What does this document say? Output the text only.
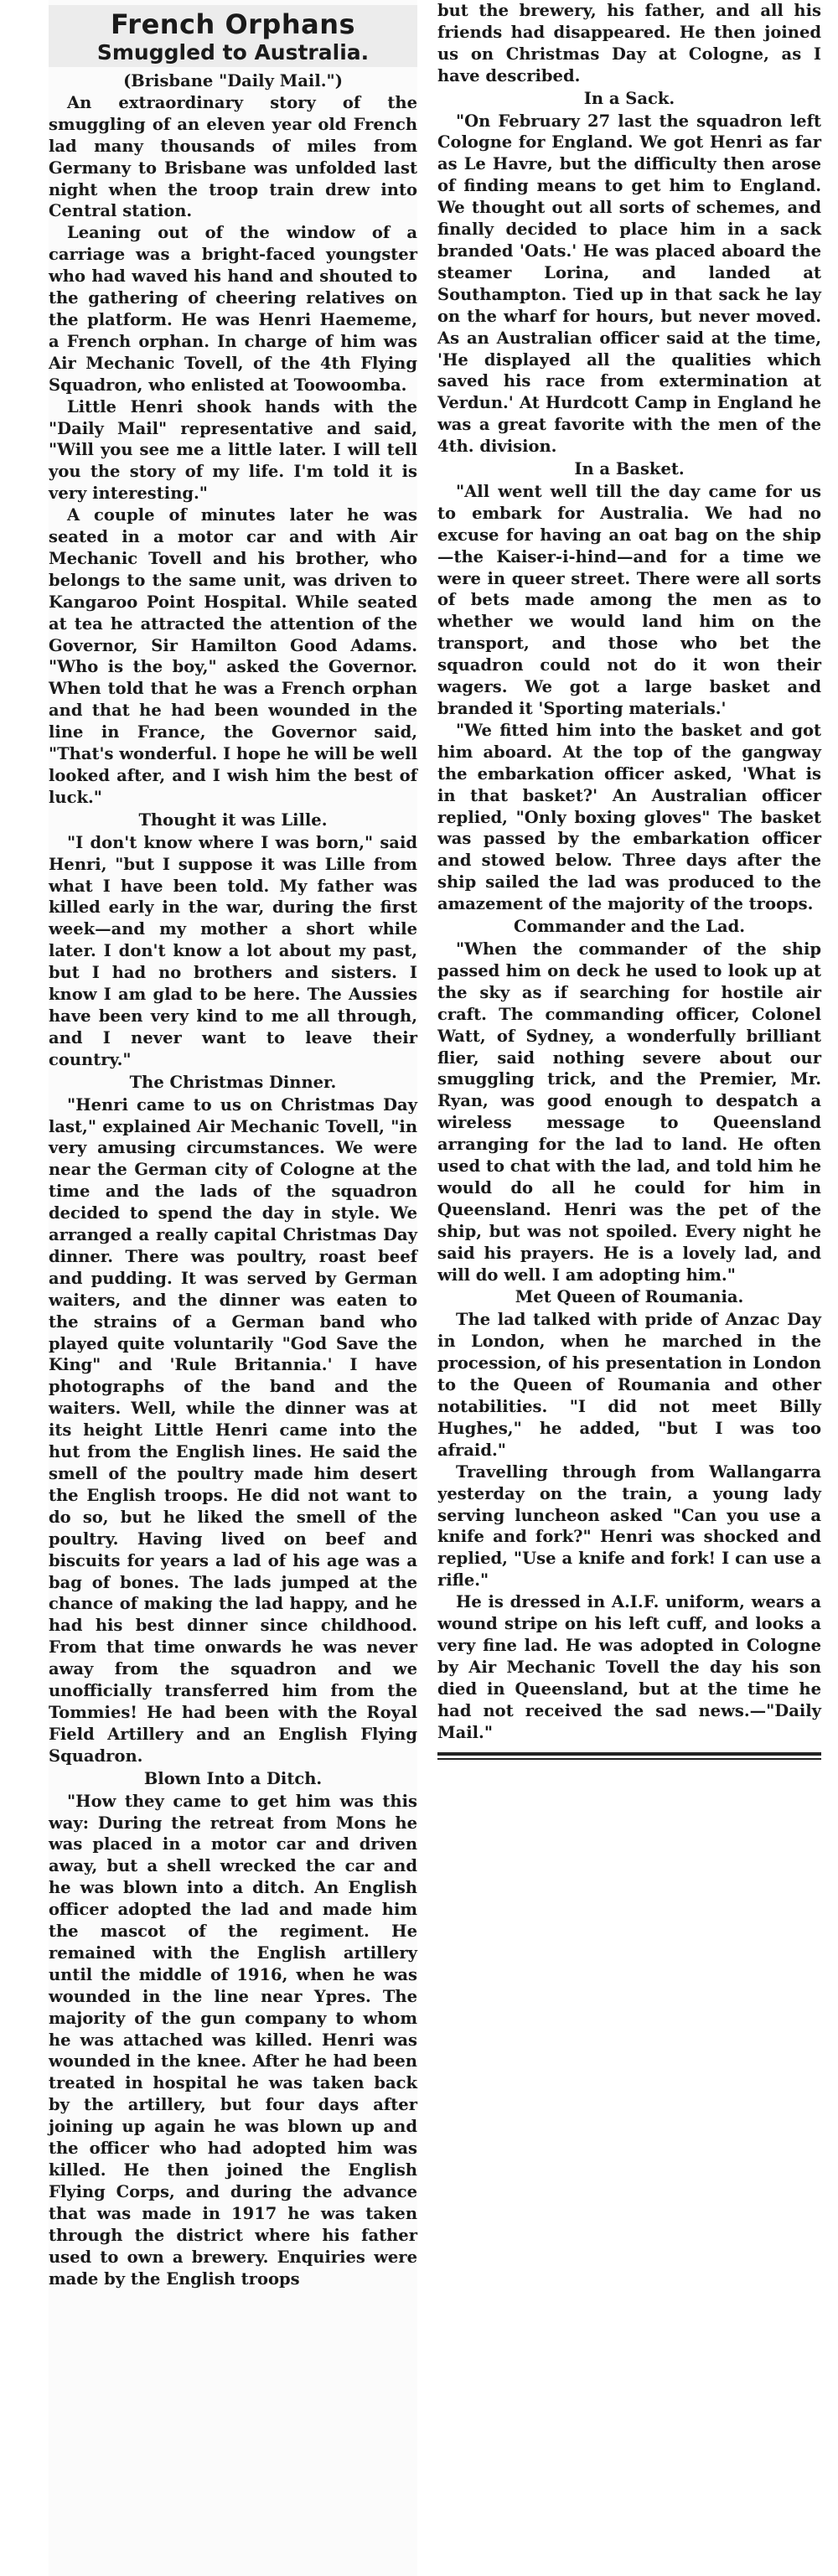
French Orphans
Smuggled to Australia.
(Brisbane "Daily Mail.")

An extraordinary story of the smuggling of an eleven year old French lad many thousands of miles from Germany to Brisbane was unfolded last night when the troop train drew into Central station.

Leaning out of the window of a carriage was a bright-faced youngster who had waved his hand and shouted to the gathering of cheering relatives on the platform. He was Henri Haememe, a French orphan. In charge of him was Air Mechanic Tovell, of the 4th Flying Squadron, who enlisted at Toowoomba.

Little Henri shook hands with the "Daily Mail" representative and said, "Will you see me a little later. I will tell you the story of my life. I'm told it is very interesting."

A couple of minutes later he was seated in a motor car and with Air Mechanic Tovell and his brother, who belongs to the same unit, was driven to Kangaroo Point Hospital. While seated at tea he attracted the attention of the Governor, Sir Hamilton Good Adams. "Who is the boy," asked the Governor. When told that he was a French orphan and that he had been wounded in the line in France, the Governor said, "That's wonderful. I hope he will be well looked after, and I wish him the best of luck."

Thought it was Lille.

"I don't know where I was born," said Henri, "but I suppose it was Lille from what I have been told. My father was killed early in the war, during the first week—and my mother a short while later. I don't know a lot about my past, but I had no brothers and sisters. I know I am glad to be here. The Aussies have been very kind to me all through, and I never want to leave their country."

The Christmas Dinner.

"Henri came to us on Christmas Day last," explained Air Mechanic Tovell, "in very amusing circumstances. We were near the German city of Cologne at the time and the lads of the squadron decided to spend the day in style. We arranged a really capital Christmas Day dinner. There was poultry, roast beef and pudding. It was served by German waiters, and the dinner was eaten to the strains of a German band who played quite voluntarily "God Save the King" and 'Rule Britannia.' I have photographs of the band and the waiters. Well, while the dinner was at its height Little Henri came into the hut from the English lines. He said the smell of the poultry made him desert the English troops. He did not want to do so, but he liked the smell of the poultry. Having lived on beef and biscuits for years a lad of his age was a bag of bones. The lads jumped at the chance of making the lad happy, and he had his best dinner since childhood. From that time onwards he was never away from the squadron and we unofficially transferred him from the Tommies! He had been with the Royal Field Artillery and an English Flying Squadron.

Blown Into a Ditch.

"How they came to get him was this way: During the retreat from Mons he was placed in a motor car and driven away, but a shell wrecked the car and he was blown into a ditch. An English officer adopted the lad and made him the mascot of the regiment. He remained with the English artillery until the middle of 1916, when he was wounded in the line near Ypres. The majority of the gun company to whom he was attached was killed. Henri was wounded in the knee. After he had been treated in hospital he was taken back by the artillery, but four days after joining up again he was blown up and the officer who had adopted him was killed. He then joined the English Flying Corps, and during the advance that was made in 1917 he was taken through the district where his father used to own a brewery. Enquiries were made by the English troops

but the brewery, his father, and all his friends had disappeared. He then joined us on Christmas Day at Cologne, as I have described.

In a Sack.

"On February 27 last the squadron left Cologne for England. We got Henri as far as Le Havre, but the difficulty then arose of finding means to get him to England. We thought out all sorts of schemes, and finally decided to place him in a sack branded 'Oats.' He was placed aboard the steamer Lorina, and landed at Southampton. Tied up in that sack he lay on the wharf for hours, but never moved. As an Australian officer said at the time, 'He displayed all the qualities which saved his race from extermination at Verdun.' At Hurdcott Camp in England he was a great favorite with the men of the 4th. division.

In a Basket.

"All went well till the day came for us to embark for Australia. We had no excuse for having an oat bag on the ship—the Kaiser-i-hind—and for a time we were in queer street. There were all sorts of bets made among the men as to whether we would land him on the transport, and those who bet the squadron could not do it won their wagers. We got a large basket and branded it 'Sporting materials.'

"We fitted him into the basket and got him aboard. At the top of the gangway the embarkation officer asked, 'What is in that basket?' An Australian officer replied, "Only boxing gloves" The basket was passed by the embarkation officer and stowed below. Three days after the ship sailed the lad was produced to the amazement of the majority of the troops.

Commander and the Lad.

"When the commander of the ship passed him on deck he used to look up at the sky as if searching for hostile air craft. The commanding officer, Colonel Watt, of Sydney, a wonderfully brilliant flier, said nothing severe about our smuggling trick, and the Premier, Mr. Ryan, was good enough to despatch a wireless message to Queensland arranging for the lad to land. He often used to chat with the lad, and told him he would do all he could for him in Queensland. Henri was the pet of the ship, but was not spoiled. Every night he said his prayers. He is a lovely lad, and will do well. I am adopting him."

Met Queen of Roumania.

The lad talked with pride of Anzac Day in London, when he marched in the procession, of his presentation in London to the Queen of Roumania and other notabilities. "I did not meet Billy Hughes," he added, "but I was too afraid."

Travelling through from Wallangarra yesterday on the train, a young lady serving luncheon asked "Can you use a knife and fork?" Henri was shocked and replied, "Use a knife and fork! I can use a rifle."

He is dressed in A.I.F. uniform, wears a wound stripe on his left cuff, and looks a very fine lad. He was adopted in Cologne by Air Mechanic Tovell the day his son died in Queensland, but at the time he had not received the sad news.—"Daily Mail."
